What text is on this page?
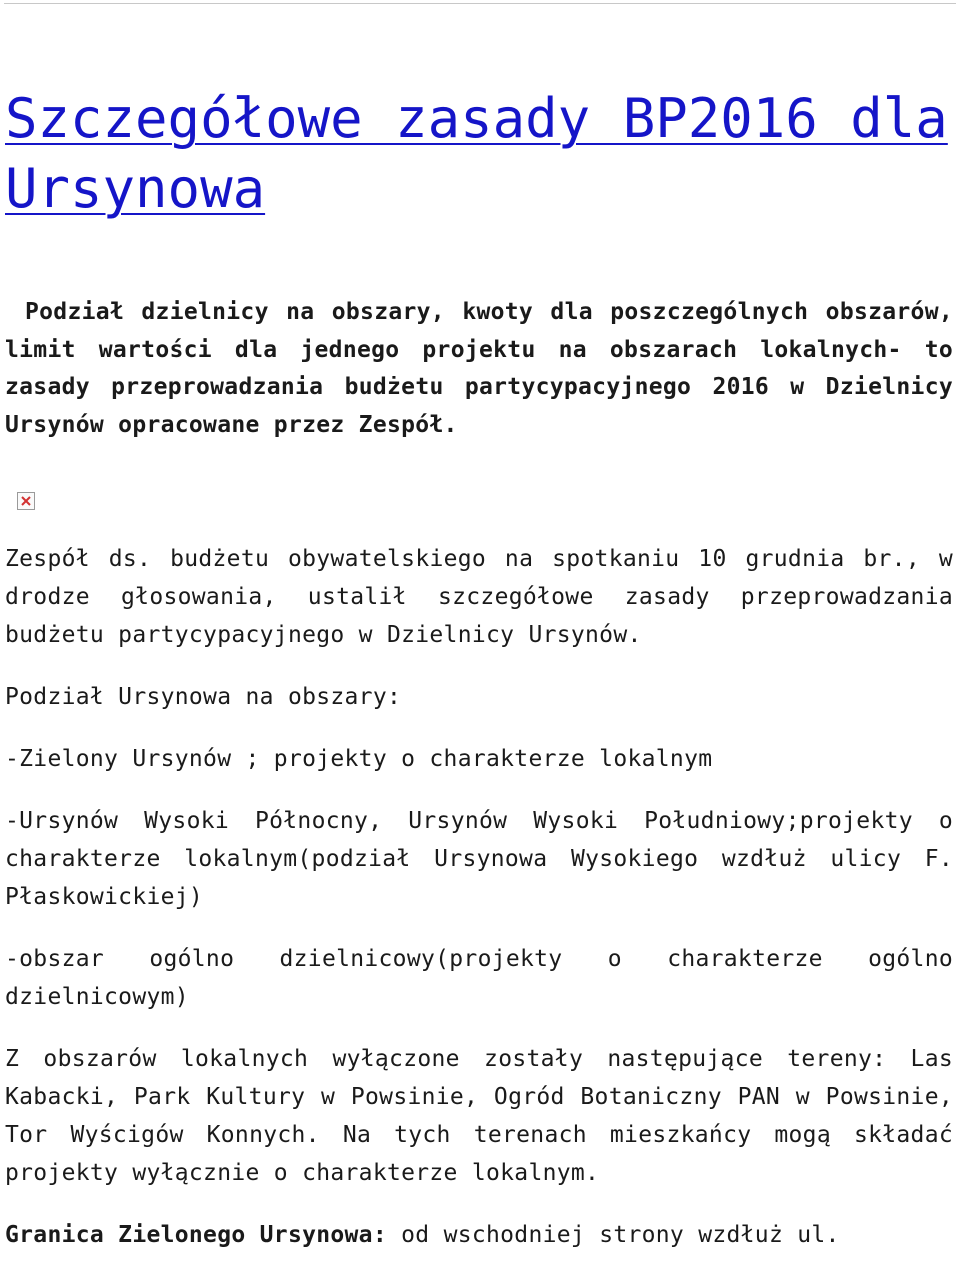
Szczegółowe zasady BP2016 dla Ursynowa

Podział dzielnicy na obszary, kwoty dla poszczególnych obszarów, limit wartości dla jednego projektu na obszarach lokalnych- to zasady przeprowadzania budżetu partycypacyjnego 2016 w Dzielnicy Ursynów opracowane przez Zespół.

Zespół ds. budżetu obywatelskiego na spotkaniu 10 grudnia br., w drodze głosowania, ustalił szczegółowe zasady przeprowadzania budżetu partycypacyjnego w Dzielnicy Ursynów.

Podział Ursynowa na obszary:

-Zielony Ursynów ; projekty o charakterze lokalnym

-Ursynów Wysoki Północny, Ursynów Wysoki Południowy;projekty o charakterze lokalnym(podział Ursynowa Wysokiego wzdłuż ulicy F. Płaskowickiej)

-obszar ogólno dzielnicowy(projekty o charakterze ogólno dzielnicowym)

Z obszarów lokalnych wyłączone zostały następujące tereny: Las Kabacki, Park Kultury w Powsinie, Ogród Botaniczny PAN w Powsinie, Tor Wyścigów Konnych. Na tych terenach mieszkańcy mogą składać projekty wyłącznie o charakterze lokalnym.

Granica Zielonego Ursynowa: od wschodniej strony wzdłuż ul.
